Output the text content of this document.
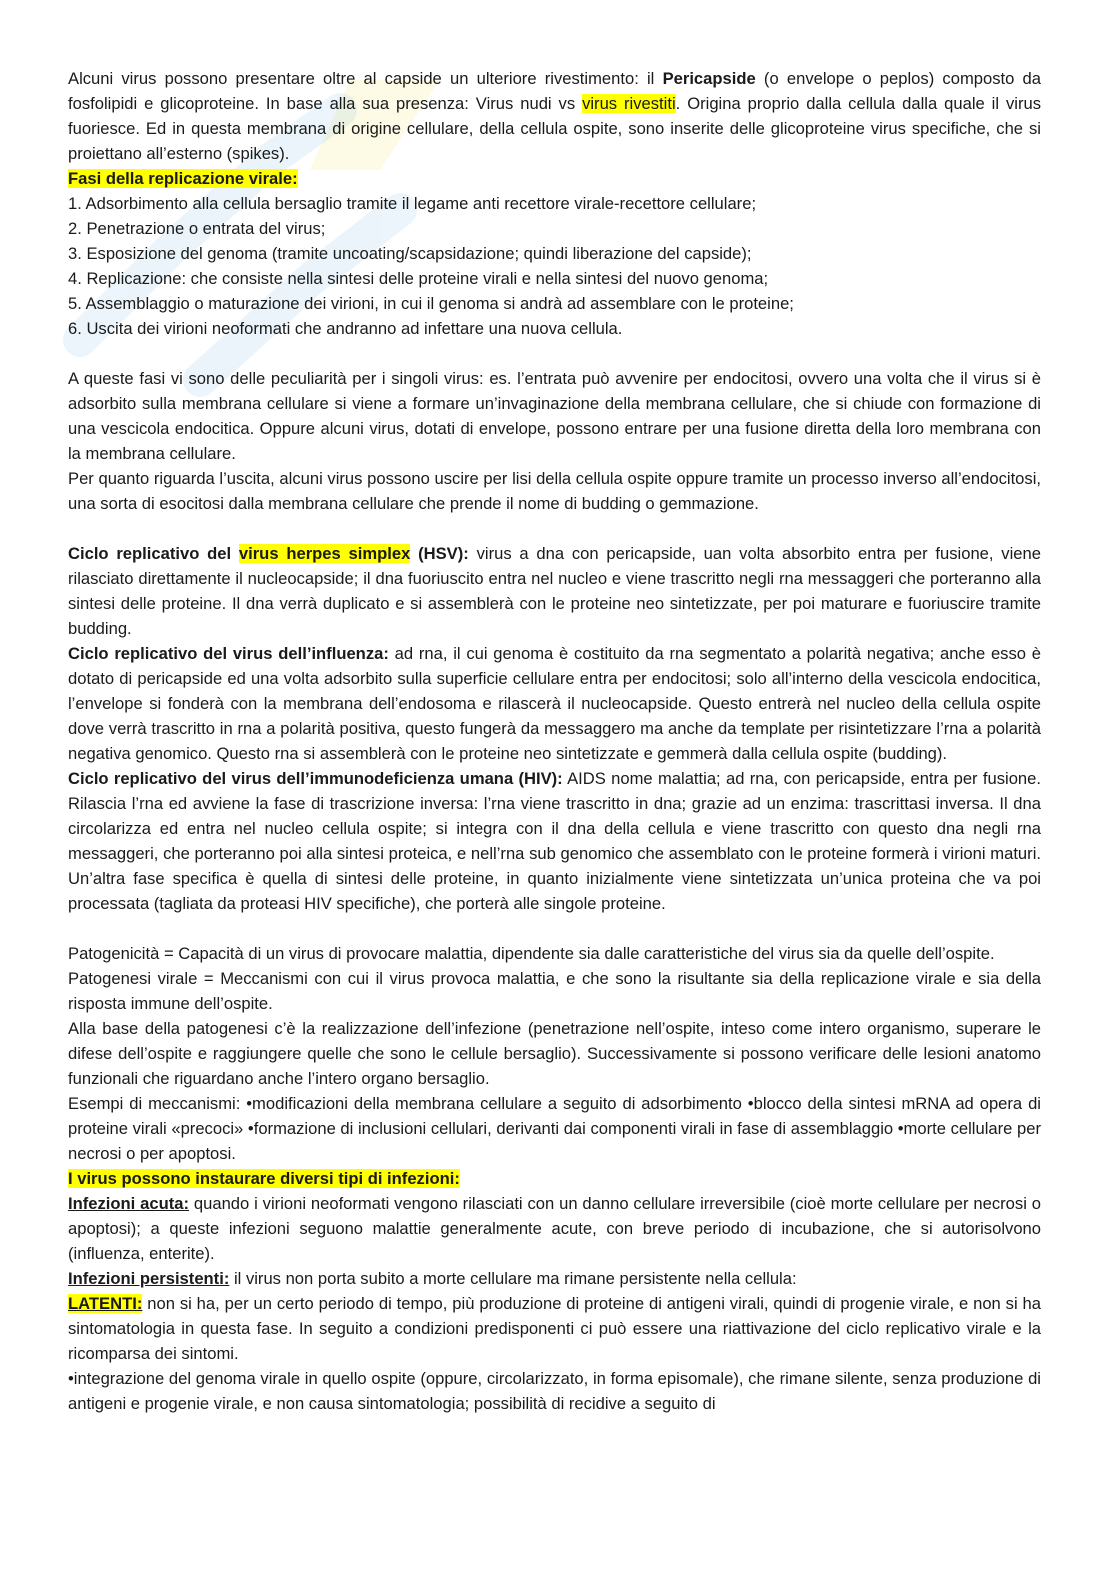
Alcuni virus possono presentare oltre al capside un ulteriore rivestimento: il Pericapside (o envelope o peplos) composto da fosfolipidi e glicoproteine. In base alla sua presenza: Virus nudi vs virus rivestiti. Origina proprio dalla cellula dalla quale il virus fuoriesce. Ed in questa membrana di origine cellulare, della cellula ospite, sono inserite delle glicoproteine virus specifiche, che si proiettano all’esterno (spikes).

Fasi della replicazione virale:

1. Adsorbimento alla cellula bersaglio tramite il legame anti recettore virale-recettore cellulare;
2. Penetrazione o entrata del virus;
3. Esposizione del genoma (tramite uncoating/scapsidazione; quindi liberazione del capside);
4. Replicazione: che consiste nella sintesi delle proteine virali e nella sintesi del nuovo genoma;
5. Assemblaggio o maturazione dei virioni, in cui il genoma si andrà ad assemblare con le proteine;
6. Uscita dei virioni neoformati che andranno ad infettare una nuova cellula.

A queste fasi vi sono delle peculiarità per i singoli virus: es. l’entrata può avvenire per endocitosi, ovvero una volta che il virus si è adsorbito sulla membrana cellulare si viene a formare un’invaginazione della membrana cellulare, che si chiude con formazione di una vescicola endocitica. Oppure alcuni virus, dotati di envelope, possono entrare per una fusione diretta della loro membrana con la membrana cellulare.

Per quanto riguarda l’uscita, alcuni virus possono uscire per lisi della cellula ospite oppure tramite un processo inverso all’endocitosi, una sorta di esocitosi dalla membrana cellulare che prende il nome di budding o gemmazione.

Ciclo replicativo del virus herpes simplex (HSV): virus a dna con pericapside, uan volta absorbito entra per fusione, viene rilasciato direttamente il nucleocapside; il dna fuoriuscito entra nel nucleo e viene trascritto negli rna messaggeri che porteranno alla sintesi delle proteine. Il dna verrà duplicato e si assemblerà con le proteine neo sintetizzate, per poi maturare e fuoriuscire tramite budding.

Ciclo replicativo del virus dell’influenza: ad rna, il cui genoma è costituito da rna segmentato a polarità negativa; anche esso è dotato di pericapside ed una volta adsorbito sulla superficie cellulare entra per endocitosi; solo all’interno della vescicola endocitica, l’envelope si fonderà con la membrana dell’endosoma e rilascerà il nucleocapside. Questo entrerà nel nucleo della cellula ospite dove verrà trascritto in rna a polarità positiva, questo fungerà da messaggero ma anche da template per risintetizzare l’rna a polarità negativa genomico. Questo rna si assemblerà con le proteine neo sintetizzate e gemmerà dalla cellula ospite (budding).

Ciclo replicativo del virus dell’immunodeficienza umana (HIV): AIDS nome malattia; ad rna, con pericapside, entra per fusione. Rilascia l’rna ed avviene la fase di trascrizione inversa: l’rna viene trascritto in dna; grazie ad un enzima: trascrittasi inversa. Il dna circolarizza ed entra nel nucleo cellula ospite; si integra con il dna della cellula e viene trascritto con questo dna negli rna messaggeri, che porteranno poi alla sintesi proteica, e nell’rna sub genomico che assemblato con le proteine formerà i virioni maturi. Un’altra fase specifica è quella di sintesi delle proteine, in quanto inizialmente viene sintetizzata un’unica proteina che va poi processata (tagliata da proteasi HIV specifiche), che porterà alle singole proteine.

Patogenicità = Capacità di un virus di provocare malattia, dipendente sia dalle caratteristiche del virus sia da quelle dell’ospite.

Patogenesi virale = Meccanismi con cui il virus provoca malattia, e che sono la risultante sia della replicazione virale e sia della risposta immune dell’ospite.

Alla base della patogenesi c’è la realizzazione dell’infezione (penetrazione nell’ospite, inteso come intero organismo, superare le difese dell’ospite e raggiungere quelle che sono le cellule bersaglio). Successivamente si possono verificare delle lesioni anatomo funzionali che riguardano anche l’intero organo bersaglio.

Esempi di meccanismi: •modificazioni della membrana cellulare a seguito di adsorbimento •blocco della sintesi mRNA ad opera di proteine virali «precoci» •formazione di inclusioni cellulari, derivanti dai componenti virali in fase di assemblaggio •morte cellulare per necrosi o per apoptosi.

I virus possono instaurare diversi tipi di infezioni:

Infezioni acuta: quando i virioni neoformati vengono rilasciati con un danno cellulare irreversibile (cioè morte cellulare per necrosi o apoptosi); a queste infezioni seguono malattie generalmente acute, con breve periodo di incubazione, che si autorisolvono (influenza, enterite).

Infezioni persistenti: il virus non porta subito a morte cellulare ma rimane persistente nella cellula:

LATENTI: non si ha, per un certo periodo di tempo, più produzione di proteine di antigeni virali, quindi di progenie virale, e non si ha sintomatologia in questa fase. In seguito a condizioni predisponenti ci può essere una riattivazione del ciclo replicativo virale e la ricomparsa dei sintomi.

•integrazione del genoma virale in quello ospite (oppure, circolarizzato, in forma episomale), che rimane silente, senza produzione di antigeni e progenie virale, e non causa sintomatologia; possibilità di recidive a seguito di
